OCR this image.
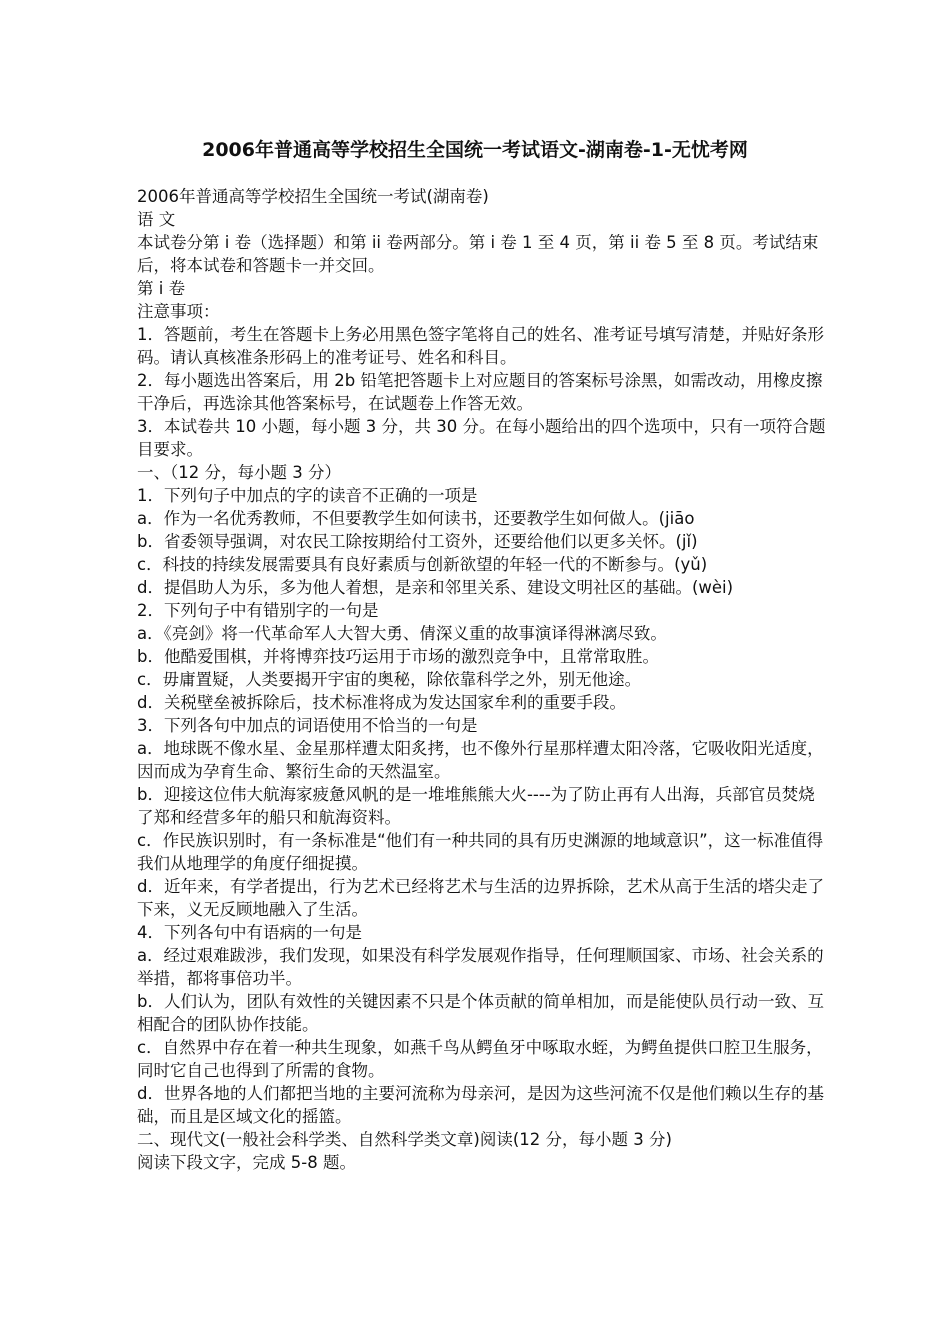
2006年普通高等学校招生全国统一考试语文-湖南卷-1-无忧考网

2006年普通高等学校招生全国统一考试(湖南卷)

语 文

本试卷分第 i 卷（选择题）和第 ii 卷两部分。第 i 卷 1 至 4 页，第 ii 卷 5 至 8 页。考试结束后，将本试卷和答题卡一并交回。

第 i 卷

注意事项：

1．答题前，考生在答题卡上务必用黑色签字笔将自己的姓名、准考证号填写清楚，并贴好条形码。请认真核准条形码上的准考证号、姓名和科目。

2．每小题选出答案后，用 2b 铅笔把答题卡上对应题目的答案标号涂黑，如需改动，用橡皮擦干净后，再选涂其他答案标号，在试题卷上作答无效。

3．本试卷共 10 小题，每小题 3 分，共 30 分。在每小题给出的四个选项中，只有一项符合题目要求。

一、（12 分，每小题 3 分）

1．下列句子中加点的字的读音不正确的一项是

a．作为一名优秀教师，不但要教学生如何读书，还要教学生如何做人。(jiāo

b．省委领导强调，对农民工除按期给付工资外，还要给他们以更多关怀。(jǐ)

c．科技的持续发展需要具有良好素质与创新欲望的年轻一代的不断参与。(yǔ)

d．提倡助人为乐，多为他人着想，是亲和邻里关系、建设文明社区的基础。(wèi)

2．下列句子中有错别字的一句是

a．《亮剑》将一代革命军人大智大勇、倩深义重的故事演译得淋漓尽致。

b．他酷爱围棋，并将博弈技巧运用于市场的激烈竞争中，且常常取胜。

c．毋庸置疑，人类要揭开宇宙的奥秘，除依靠科学之外，别无他途。

d．关税壁垒被拆除后，技术标准将成为发达国家牟利的重要手段。

3．下列各句中加点的词语使用不恰当的一句是

a．地球既不像水星、金星那样遭太阳炙拷，也不像外行星那样遭太阳冷落，它吸收阳光适度，因而成为孕育生命、繁衍生命的天然温室。

b．迎接这位伟大航海家疲惫风帆的是一堆堆熊熊大火----为了防止再有人出海，兵部官员焚烧了郑和经营多年的船只和航海资料。

c．作民族识别时，有一条标准是“他们有一种共同的具有历史渊源的地域意识”，这一标准值得我们从地理学的角度仔细捉摸。

d．近年来，有学者提出，行为艺术已经将艺术与生活的边界拆除，艺术从高于生活的塔尖走了下来，义无反顾地融入了生活。

4．下列各句中有语病的一句是

a．经过艰难跋涉，我们发现，如果没有科学发展观作指导，任何理顺国家、市场、社会关系的举措，都将事倍功半。

b．人们认为，团队有效性的关键因素不只是个体贡献的简单相加，而是能使队员行动一致、互相配合的团队协作技能。

c．自然界中存在着一种共生现象，如燕千鸟从鳄鱼牙中啄取水蛭，为鳄鱼提供口腔卫生服务，同时它自己也得到了所需的食物。

d．世界各地的人们都把当地的主要河流称为母亲河，是因为这些河流不仅是他们赖以生存的基础，而且是区域文化的摇篮。

二、现代文(一般社会科学类、自然科学类文章)阅读(12 分，每小题 3 分)

阅读下段文字，完成 5-8 题。
